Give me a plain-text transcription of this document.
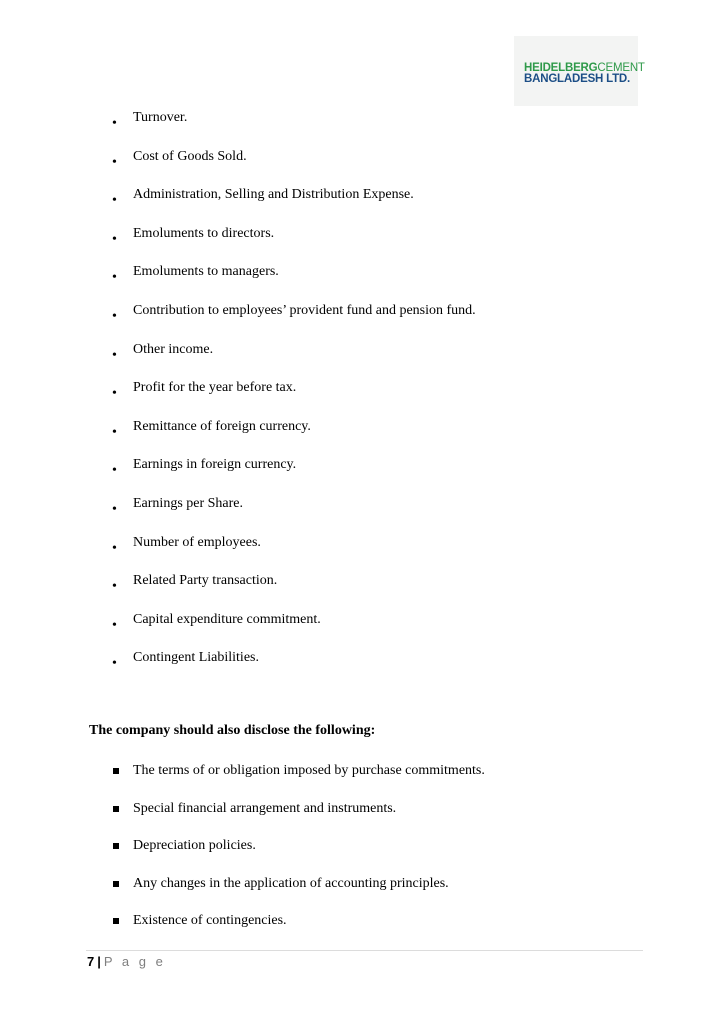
HEIDELBERGCEMENT
BANGLADESH LTD.
• Turnover.
• Cost of Goods Sold.
• Administration, Selling and Distribution Expense.
• Emoluments to directors.
• Emoluments to managers.
• Contribution to employees’ provident fund and pension fund.
• Other income.
• Profit for the year before tax.
• Remittance of foreign currency.
• Earnings in foreign currency.
• Earnings per Share.
• Number of employees.
• Related Party transaction.
• Capital expenditure commitment.
• Contingent Liabilities.
The company should also disclose the following:
The terms of or obligation imposed by purchase commitments.
Special financial arrangement and instruments.
Depreciation policies.
Any changes in the application of accounting principles.
Existence of contingencies.
7 | P a g e
